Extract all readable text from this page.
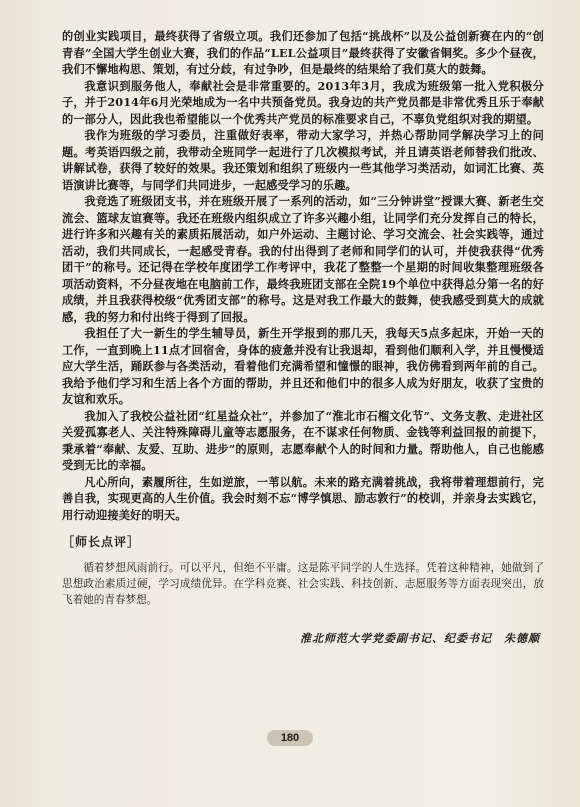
的创业实践项目，最终获得了省级立项。我们还参加了包括“挑战杯”以及公益创新赛在内的“创青春”全国大学生创业大赛，我们的作品“LEL公益项目”最终获得了安徽省铜奖。多少个昼夜，我们不懈地构思、策划，有过分歧，有过争吵，但是最终的结果给了我们莫大的鼓舞。

我意识到服务他人，奉献社会是非常重要的。2013年3月，我成为班级第一批入党积极分子，并于2014年6月光荣地成为一名中共预备党员。我身边的共产党员都是非常优秀且乐于奉献的一部分人，因此我也希望能以一个优秀共产党员的标准要求自己，不辜负党组织对我的期望。

我作为班级的学习委员，注重做好表率，带动大家学习，并热心帮助同学解决学习上的问题。考英语四级之前，我带动全班同学一起进行了几次模拟考试，并且请英语老师替我们批改、讲解试卷，获得了较好的效果。我还策划和组织了班级内一些其他学习类活动，如词汇比赛、英语演讲比赛等，与同学们共同进步，一起感受学习的乐趣。

我竞选了班级团支书，并在班级开展了一系列的活动，如“三分钟讲堂”授课大赛、新老生交流会、篮球友谊赛等。我还在班级内组织成立了许多兴趣小组，让同学们充分发挥自己的特长，进行许多和兴趣有关的素质拓展活动，如户外运动、主题讨论、学习交流会、社会实践等，通过活动，我们共同成长，一起感受青春。我的付出得到了老师和同学们的认可，并使我获得“优秀团干”的称号。还记得在学校年度团学工作考评中，我花了整整一个星期的时间收集整理班级各项活动资料，不分昼夜地在电脑前工作，最终我班团支部在全院19个单位中获得总分第一名的好成绩，并且我获得校级“优秀团支部”的称号。这是对我工作最大的鼓舞，使我感受到莫大的成就感，我的努力和付出终于得到了回报。

我担任了大一新生的学生辅导员，新生开学报到的那几天，我每天5点多起床，开始一天的工作，一直到晚上11点才回宿舍，身体的疲惫并没有让我退却，看到他们顺利入学，并且慢慢适应大学生活，踊跃参与各类活动，看着他们充满希望和憧憬的眼神，我仿佛看到两年前的自己。我给予他们学习和生活上各个方面的帮助，并且还和他们中的很多人成为好朋友，收获了宝贵的友谊和欢乐。

我加入了我校公益社团“红星益众社”，并参加了“淮北市石榴文化节”、文务支教、走进社区关爱孤寡老人、关注特殊障碍儿童等志愿服务，在不谋求任何物质、金钱等利益回报的前提下，秉承着“奉献、友爱、互助、进步”的原则，志愿奉献个人的时间和力量。帮助他人，自己也能感受到无比的幸福。

凡心所向，素履所往，生如逆旅，一苇以航。未来的路充满着挑战，我将带着理想前行，完善自我，实现更高的人生价值。我会时刻不忘“博学慎思、励志敦行”的校训，并亲身去实践它，用行动迎接美好的明天。

［师长点评］

循着梦想风雨前行。可以平凡，但绝不平庸。这是陈平同学的人生选择。凭着这种精神，她做到了思想政治素质过硬，学习成绩优异。在学科竞赛、社会实践、科技创新、志愿服务等方面表现突出，放飞着她的青春梦想。

淮北师范大学党委副书记、纪委书记　朱德顺
180
